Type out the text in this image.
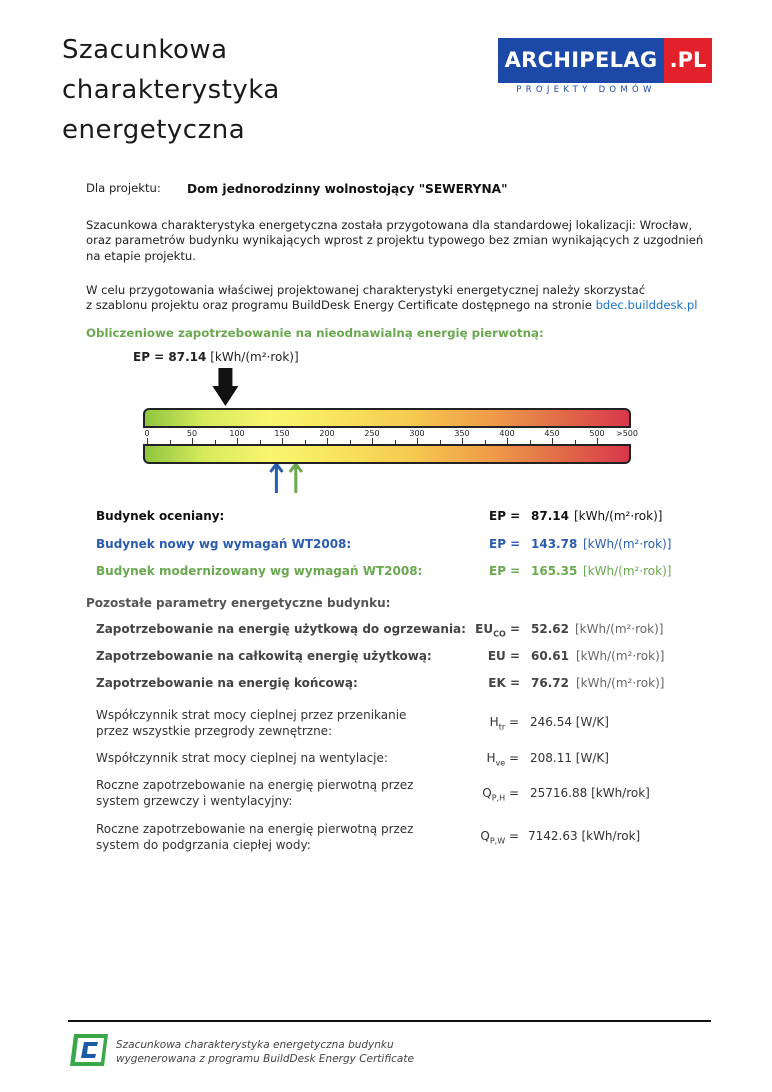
Szacunkowa
charakterystyka
energetyczna
ARCHIPELAG .PL
PROJEKTY DOMÓW
Dla projektu: Dom jednorodzinny wolnostojący "SEWERYNA"
Szacunkowa charakterystyka energetyczna została przygotowana dla standardowej lokalizacji: Wrocław,
oraz parametrów budynku wynikających wprost z projektu typowego bez zmian wynikających z uzgodnień
na etapie projektu.
W celu przygotowania właściwej projektowanej charakterystyki energetycznej należy skorzystać
z szablonu projektu oraz programu BuildDesk Energy Certificate dostępnego na stronie bdec.builddesk.pl
Obliczeniowe zapotrzebowanie na nieodnawialną energię pierwotną:
EP = 87.14 [kWh/(m²·rok)]
0	50	100	150	200	250	300	350	400	450	500 >500
Budynek oceniany:	EP = 87.14 [kWh/(m²·rok)]
Budynek nowy wg wymagań WT2008:	EP = 143.78 [kWh/(m²·rok)]
Budynek modernizowany wg wymagań WT2008:	EP = 165.35 [kWh/(m²·rok)]
Pozostałe parametry energetyczne budynku:
Zapotrzebowanie na energię użytkową do ogrzewania: $EU_{CO} = 52.62$ [kWh/(m²·rok)]
Zapotrzebowanie na całkowitą energię użytkową:	EU = 60.61 [kWh/(m²·rok)]
Zapotrzebowanie na energię końcową:	EK = 76.72 [kWh/(m²·rok)]
Współczynnik strat mocy cieplnej przez przenikanie
przez wszystkie przegrody zewnętrzne:
$H_{tr} = 246.54$ [W/K]
Współczynnik strat mocy cieplnej na wentylacje:	$H_{ve} = 208.11$ [W/K]
Roczne zapotrzebowanie na energię pierwotną przez
system grzewczy i wentylacyjny:
$Q_{P,H} = 25716.88$ [kWh/rok]
Roczne zapotrzebowanie na energię pierwotną przez
system do podgrzania ciepłej wody:
$Q_{P,W} = 7142.63$ [kWh/rok]
Szacunkowa charakterystyka energetyczna budynku
wygenerowana z programu BuildDesk Energy Certificate
